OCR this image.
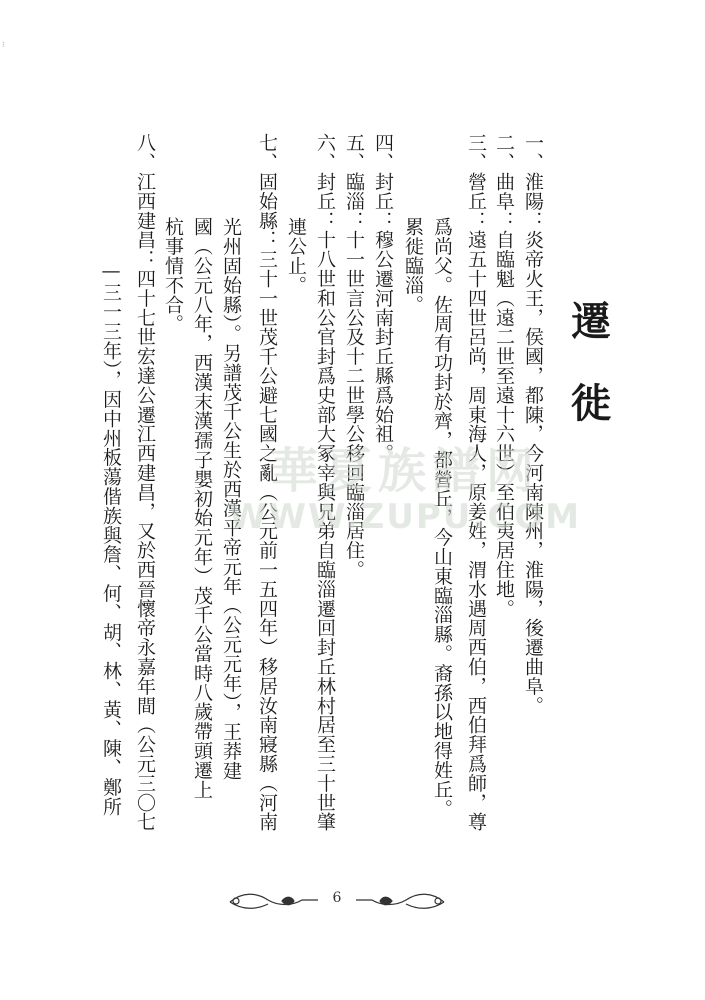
⁝
遷
徙
一、淮陽：炎帝火王，侯國，都陳，今河南陳州，淮陽，後遷曲阜。
二、曲阜：自臨魁（遠二世至遠十六世）至伯夷居住地。
三、營丘：遠五十四世呂尚，周東海人，原姜姓，渭水遇周西伯，西伯拜爲師，尊
爲尚父。佐周有功封於齊，都營丘，今山東臨淄縣。裔孫以地得姓丘。
累徙臨淄。
四、封丘：穆公遷河南封丘縣爲始祖。
五、臨淄：十一世言公及十二世學公移回臨淄居住。
六、封丘：十八世和公官封爲史部大冢宰與兄弟自臨淄遷回封丘林村居至三十世肇
連公止。
七、固始縣：三十一世茂千公避七國之亂（公元前一五四年）移居汝南寢縣（河南
光州固始縣）。另譜茂千公生於西漢平帝元年（公元元年），王莽建
國（公元八年，西漢末漢孺子嬰初始元年）茂千公當時八歲帶頭遷上
杭事情不合。
八、江西建昌：四十七世宏達公遷江西建昌，又於西晉懷帝永嘉年間（公元三〇七
—三一三年），因中州板蕩偕族與詹、何、胡、林、黃、陳、鄭所	華夏族譜网
WWW.ZUPU.COM
6
